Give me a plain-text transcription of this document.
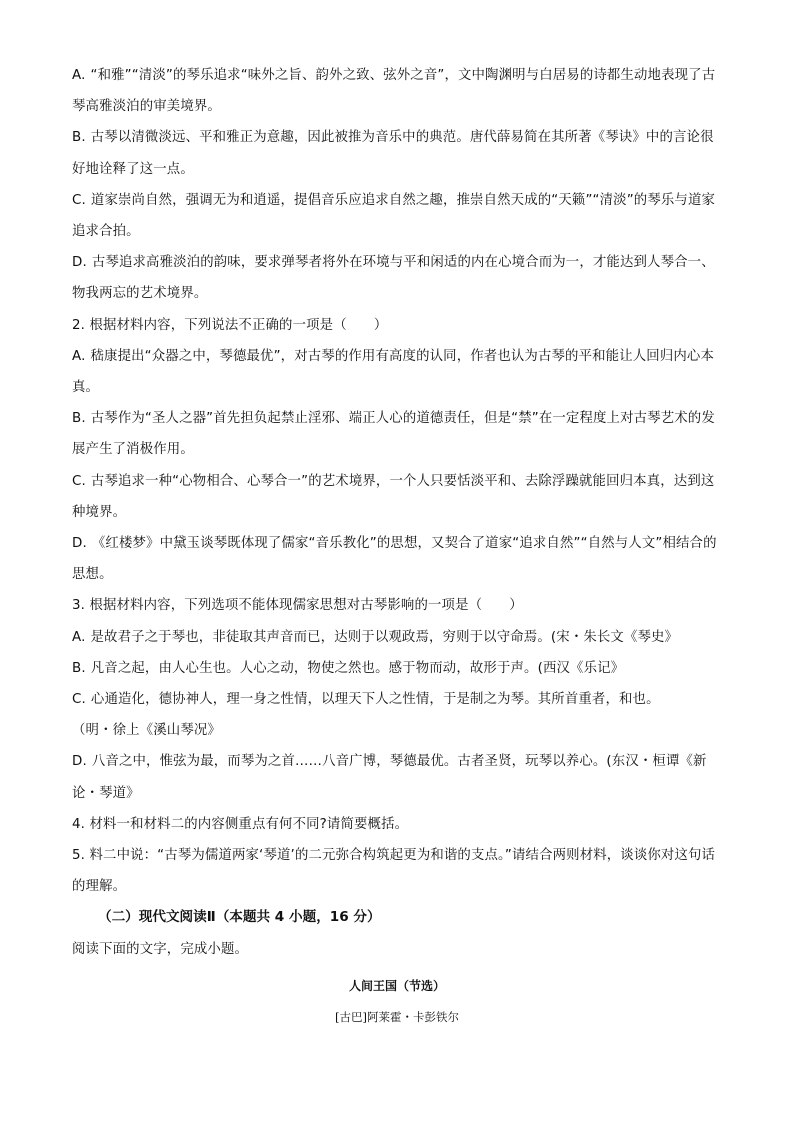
A. “和雅”“清淡”的琴乐追求“味外之旨、韵外之致、弦外之音”，文中陶渊明与白居易的诗都生动地表现了古琴高雅淡泊的审美境界。

B. 古琴以清微淡远、平和雅正为意趣，因此被推为音乐中的典范。唐代薛易简在其所著《琴诀》中的言论很好地诠释了这一点。

C. 道家崇尚自然，强调无为和逍遥，提倡音乐应追求自然之趣，推崇自然天成的“天籁”“清淡”的琴乐与道家追求合拍。

D. 古琴追求高雅淡泊的韵味，要求弹琴者将外在环境与平和闲适的内在心境合而为一，才能达到人琴合一、物我两忘的艺术境界。

2. 根据材料内容，下列说法不正确的一项是（　　）

A. 嵇康提出“众器之中，琴德最优”，对古琴的作用有高度的认同，作者也认为古琴的平和能让人回归内心本真。

B. 古琴作为“圣人之器”首先担负起禁止淫邪、端正人心的道德责任，但是“禁”在一定程度上对古琴艺术的发展产生了消极作用。

C. 古琴追求一种“心物相合、心琴合一”的艺术境界，一个人只要恬淡平和、去除浮躁就能回归本真，达到这种境界。

D. 《红楼梦》中黛玉谈琴既体现了儒家“音乐教化”的思想，又契合了道家“追求自然”“自然与人文”相结合的思想。

3. 根据材料内容，下列选项不能体现儒家思想对古琴影响的一项是（　　）

A. 是故君子之于琴也，非徒取其声音而已，达则于以观政焉，穷则于以守命焉。(宋・朱长文《琴史》

B. 凡音之起，由人心生也。人心之动，物使之然也。感于物而动，故形于声。(西汉《乐记》

C. 心通造化，德协神人，理一身之性情，以理天下人之性情，于是制之为琴。其所首重者，和也。

（明・徐上《溪山琴况》

D. 八音之中，惟弦为最，而琴为之首……八音广博，琴德最优。古者圣贤，玩琴以养心。(东汉・桓谭《新论・琴道》

4. 材料一和材料二的内容侧重点有何不同?请简要概括。

5. 料二中说：“古琴为儒道两家‘琴道’的二元弥合构筑起更为和谐的支点。”请结合两则材料，谈谈你对这句话的理解。

（二）现代文阅读Ⅱ（本题共 4 小题，16 分）

阅读下面的文字，完成小题。

人间王国（节选）

[古巴]阿莱霍・卡彭铁尔
